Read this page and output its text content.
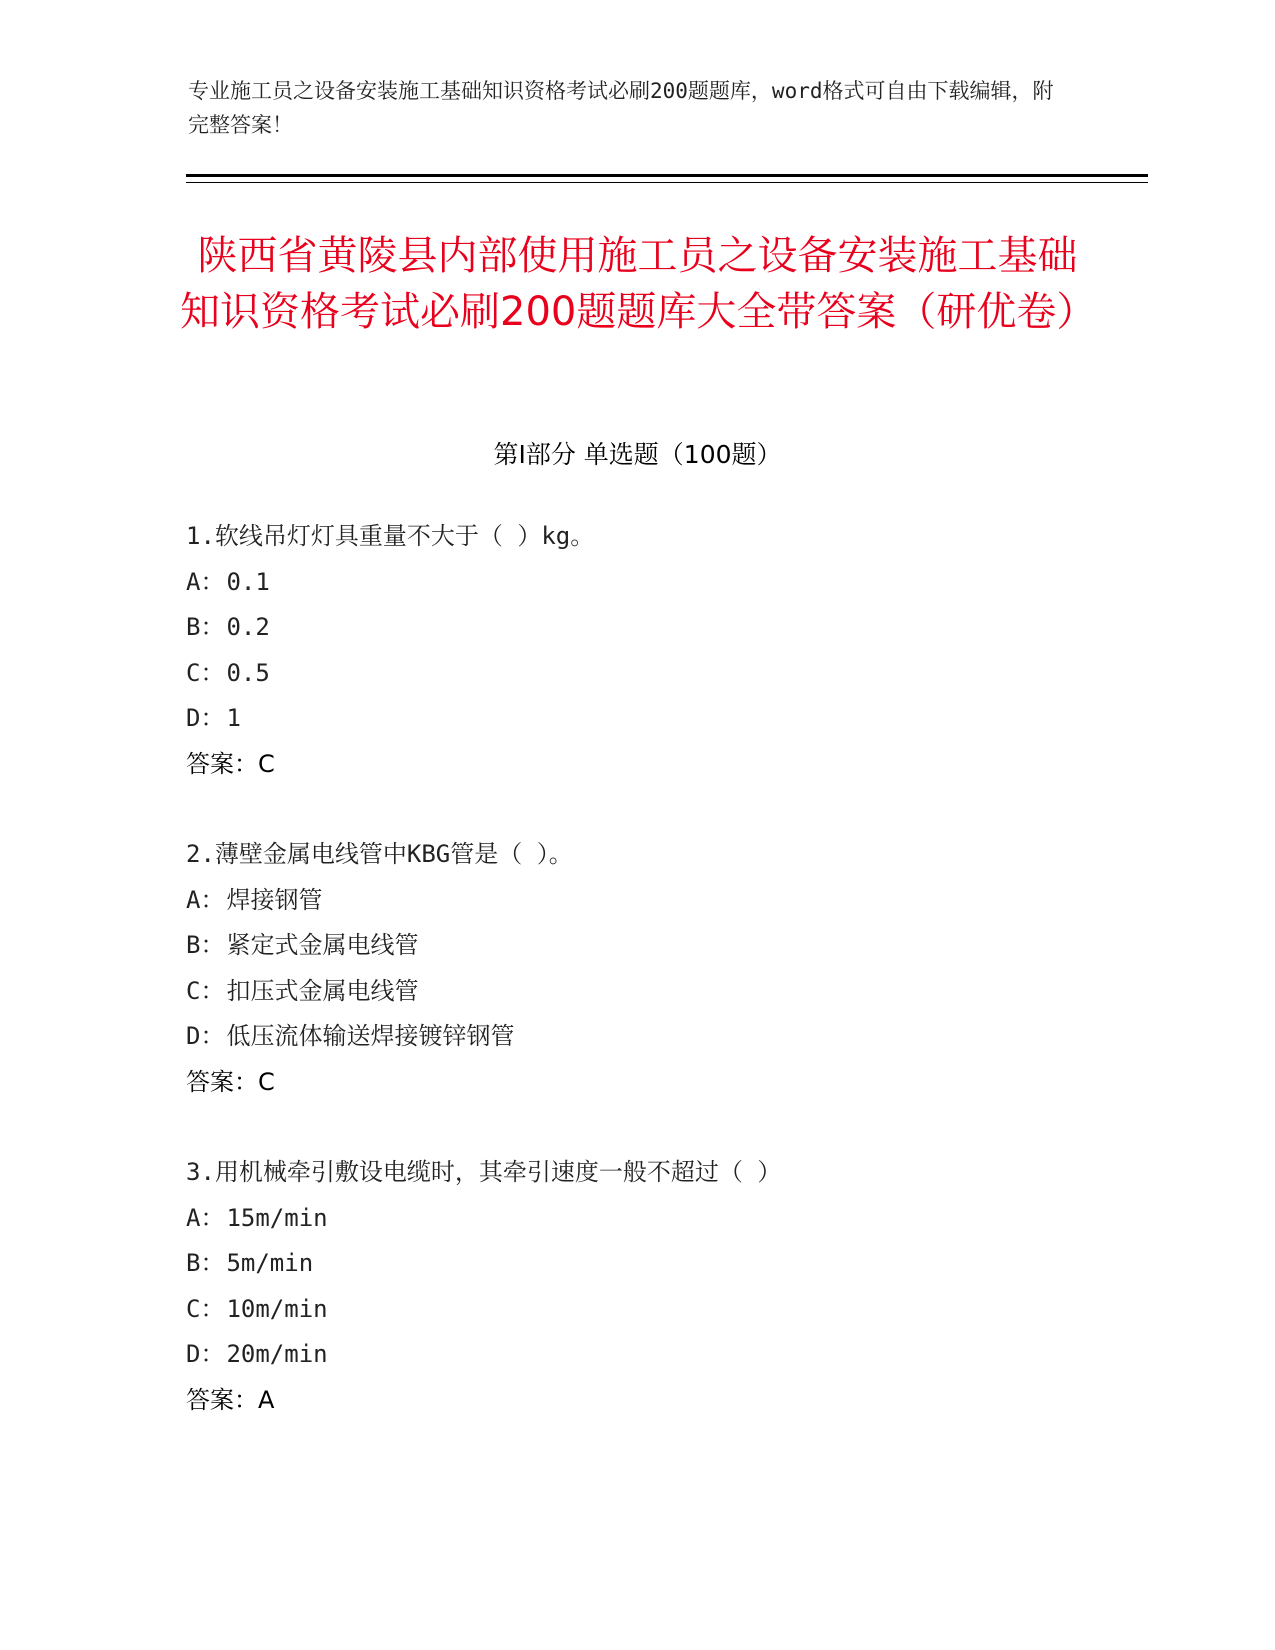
专业施工员之设备安装施工基础知识资格考试必刷200题题库，word格式可自由下载编辑，附完整答案！
陕西省黄陵县内部使用施工员之设备安装施工基础知识资格考试必刷200题题库大全带答案（研优卷）
第Ⅰ部分 单选题（100题）
1.软线吊灯灯具重量不大于（ ）kg。
A：0.1
B：0.2
C：0.5
D：1
答案：C
2.薄壁金属电线管中KBG管是（ ）。
A：焊接钢管
B：紧定式金属电线管
C：扣压式金属电线管
D：低压流体输送焊接镀锌钢管
答案：C
3.用机械牵引敷设电缆时，其牵引速度一般不超过（ ）
A：15m/min
B：5m/min
C：10m/min
D：20m/min
答案：A
